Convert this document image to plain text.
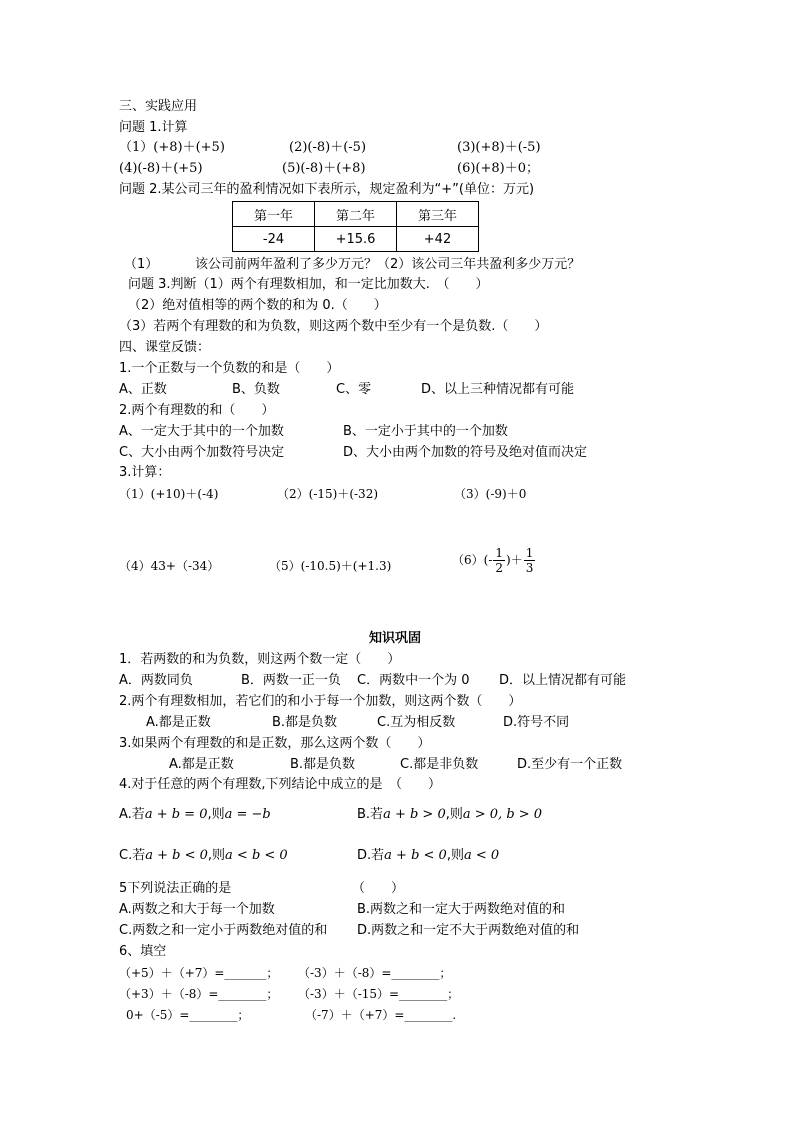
三、实践应用
问题 1.计算
（1）(+8)＋(+5)	(2)(-8)＋(-5)	(3)(+8)＋(-5)
(4)(-8)＋(+5)	(5)(-8)＋(+8)	(6)(+8)＋0；
问题 2.某公司三年的盈利情况如下表所示，规定盈利为“+”(单位：万元)
第一年	第二年	第三年
-24	+15.6	+42
（1）	该公司前两年盈利了多少万元？（2）该公司三年共盈利多少万元？
问题 3.判断（1）两个有理数相加，和一定比加数大.　（　　）
（2）绝对值相等的两个数的和为 0.（　　）
（3）若两个有理数的和为负数，则这两个数中至少有一个是负数.（　　）
四、课堂反馈：
1.一个正数与一个负数的和是（　　）
A、正数	B、负数	C、零	D、以上三种情况都有可能
2.两个有理数的和（　　）
A、一定大于其中的一个加数	B、一定小于其中的一个加数
C、大小由两个加数符号决定	D、大小由两个加数的符号及绝对值而决定
3.计算：
（1）(+10)＋(-4)	（2）(-15)＋(-32)	（3）(-9)＋0
（4）43+（-34）	（5）(-10.5)＋(+1.3)	$(6)(- \frac{1}{2}$ )＋ $\frac{1}{3}$
知识巩固
1．若两数的和为负数，则这两个数一定（　　）
A．两数同负	B．两数一正一负 C．两数中一个为 0 D．以上情况都有可能
2.两个有理数相加，若它们的和小于每一个加数，则这两个数（　　）
A.都是正数	B.都是负数	C.互为相反数	D.符号不同
3.如果两个有理数的和是正数，那么这两个数（　　）
A.都是正数	B.都是负数	C.都是非负数	D.至少有一个正数
4.对于任意的两个有理数,下列结论中成立的是　（　　）
A.若a + b = 0,则a = −b	B.若a + b > 0,则a > 0, b > 0
C.若a + b < 0,则a < b < 0	D.若a + b < 0,则a < 0
5下列说法正确的是	（　　）
A.两数之和大于每一个加数	B.两数之和一定大于两数绝对值的和
C.两数之和一定小于两数绝对值的和 D.两数之和一定不大于两数绝对值的和
6、填空
（+5）＋（+7）=_______； （-3）＋（-8）=________；
（+3）＋（-8）=________； （-3）＋（-15）=________；
0+（-5）=________；	（-7）＋（+7）=________.
